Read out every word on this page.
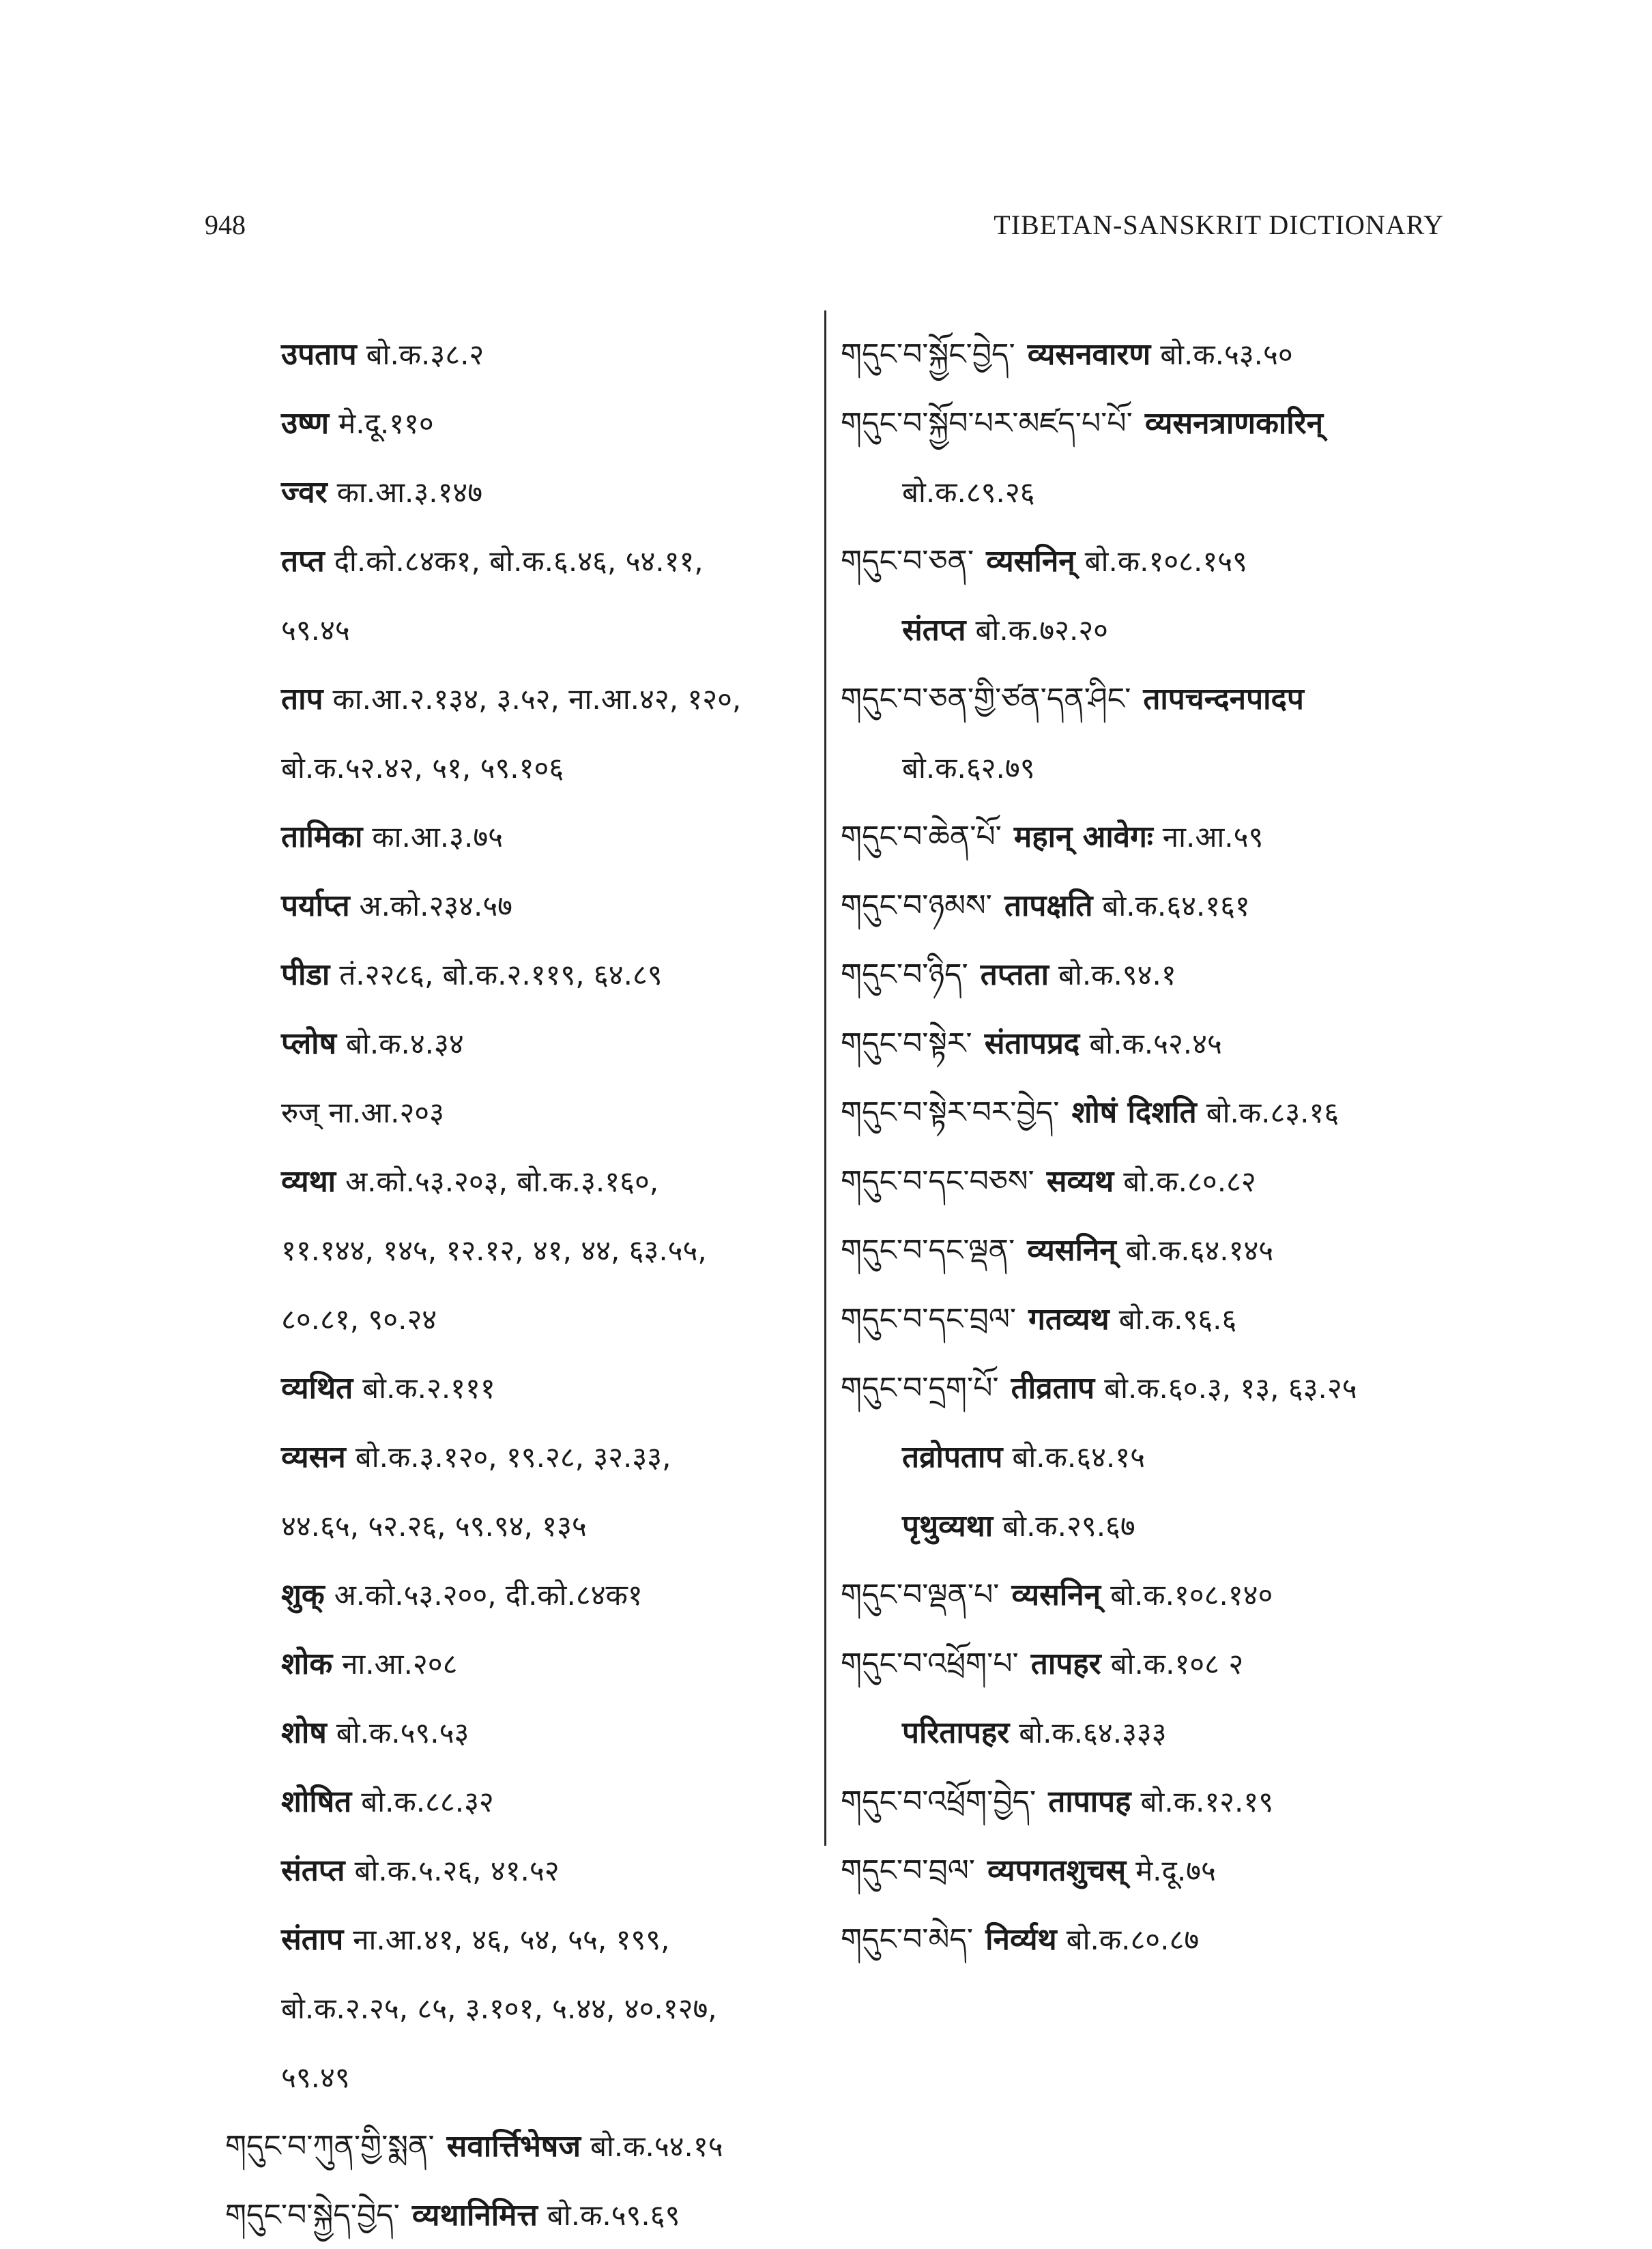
948	TIBETAN-SANSKRIT DICTIONARY
उपताप बो.क.३८.२
उष्ण मे.दू.११०
ज्वर का.आ.३.१४७
तप्त दी.को.८४क१, बो.क.६.४६, ५४.११,
५९.४५
ताप का.आ.२.१३४, ३.५२, ना.आ.४२, १२०,
बो.क.५२.४२, ५१, ५९.१०६
तामिका का.आ.३.७५
पर्याप्त अ.को.२३४.५७
पीडा तं.२२८६, बो.क.२.११९, ६४.८९
प्लोष बो.क.४.३४
रुज् ना.आ.२०३
व्यथा अ.को.५३.२०३, बो.क.३.१६०,
११.१४४, १४५, १२.१२, ४१, ४४, ६३.५५,
८०.८१, ९०.२४
व्यथित बो.क.२.१११
व्यसन बो.क.३.१२०, १९.२८, ३२.३३,
४४.६५, ५२.२६, ५९.९४, १३५
शुक् अ.को.५३.२००, दी.को.८४क१
शोक ना.आ.२०८
शोष बो.क.५९.५३
शोषित बो.क.८८.३२
संतप्त बो.क.५.२६, ४१.५२
संताप ना.आ.४१, ४६, ५४, ५५, १९९,
बो.क.२.२५, ८५, ३.१०१, ५.४४, ४०.१२७,
५९.४९
གདུང་བ་ཀུན་གྱི་སྨན་ सवार्त्तिभेषज बो.क.५४.१५
གདུང་བ་སྐྱེད་བྱེད་ व्यथानिमित्त बो.क.५९.६९
གདུང་བ་སྐྱོང་བྱེད་ व्यसनवारण बो.क.५३.५०
གདུང་བ་སྐྱོབ་པར་མཛད་པ་པོ་ व्यसनत्राणकारिन्
बो.क.८९.२६
གདུང་བ་ཅན་ व्यसनिन् बो.क.१०८.१५९
संतप्त बो.क.७२.२०
གདུང་བ་ཅན་གྱི་ཙན་དན་ཤིང་ तापचन्दनपादप
बो.क.६२.७९
གདུང་བ་ཆེན་པོ་ महान् आवेगः ना.आ.५९
གདུང་བ་ཉམས་ तापक्षति बो.क.६४.१६१
གདུང་བ་ཉིད་ तप्तता बो.क.९४.१
གདུང་བ་སྟེར་ संतापप्रद बो.क.५२.४५
གདུང་བ་སྟེར་བར་བྱེད་ शोषं दिशति बो.क.८३.१६
གདུང་བ་དང་བཅས་ सव्यथ बो.क.८०.८२
གདུང་བ་དང་ལྡན་ व्यसनिन् बो.क.६४.१४५
གདུང་བ་དང་བྲལ་ गतव्यथ बो.क.९६.६
གདུང་བ་དྲག་པོ་ तीव्रताप बो.क.६०.३, १३, ६३.२५
तव्रोपताप बो.क.६४.१५
पृथुव्यथा बो.क.२९.६७
གདུང་བ་ལྡན་པ་ व्यसनिन् बो.क.१०८.१४०
གདུང་བ་འཕྲོག་པ་ तापहर बो.क.१०८ २
परितापहर बो.क.६४.३३३
གདུང་བ་འཕྲོག་བྱེད་ तापापह बो.क.१२.१९
གདུང་བ་བྲལ་ व्यपगतशुचस् मे.दू.७५
གདུང་བ་མེད་ निर्व्यथ बो.क.८०.८७
